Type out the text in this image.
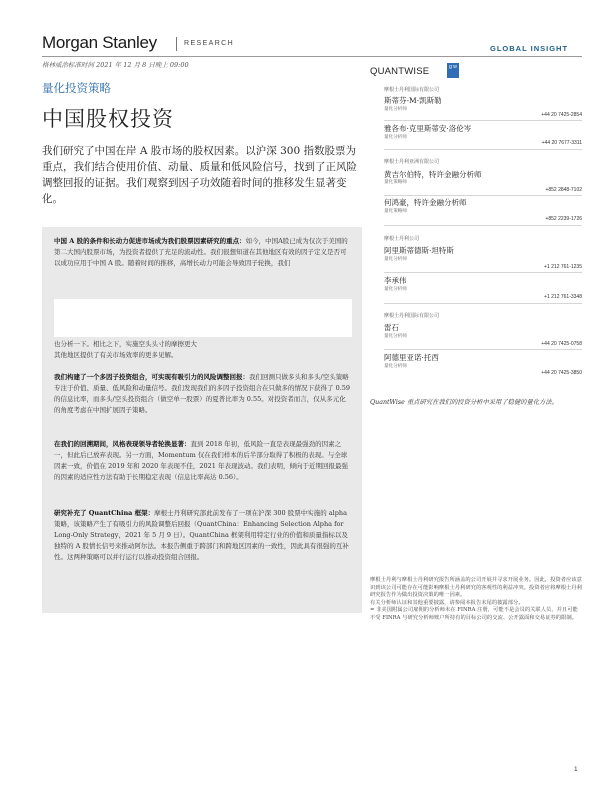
Morgan Stanley	RESEARCH
GLOBAL INSIGHT
格林威治标准时间 2021 年 12 月 8 日晚上 09:00
QUANTWISE	g w
量化投资策略
中国股权投资
我们研究了中国在岸 A 股市场的股权因素。以沪深 300 指数股票为重点，我们结合使用价值、动量、质量和低风险信号，找到了正风险调整回报的证据。我们观察到因子功效随着时间的推移发生显著变化。
中国 A 股的条件和长动力促进市场成为我们股票因素研究的重点：如今，中国A股已成为仅次于美国的第二大国内股票市场，为投资者提供了充足的流动性。我们很想知道在其他地区有效的因子定义是否可以成功应用于中国 A 股。随着时间的推移，高增长动力可能会导致因子轮换，我们
也分析一下。相比之下，实施空头头寸的摩擦更大
其他地区提供了有关市场效率的更多见解。
我们构建了一个多因子投资组合，可实现有吸引力的风险调整回报：我们回测只做多头和多头/空头策略
专注于价值、质量、低风险和动量信号。我们发现我们的多因子投资组合在只做多的情况下获得了 0.59 的信息比率，而多头/空头投资组合（做空单一股票）的夏普比率为 0.55。对投资者而言，仅从多元化的角度考虑在中国扩展因子策略。
在我们的回溯期间，风格表现领导者轮换显著：直到 2018 年初，低风险一直是表现最强劲的因素之一，但此后已放弃表现。另一方面，Momentum 仅在我们样本的后半部分取得了积极的表现。与全球因素一致，价值在 2019 年和 2020 年表现不佳，2021 年表现波动。我们表明，倾向于近期回报最强的因素的适应性方法有助于长期稳定表现（信息比率高达 0.56）。
研究补充了 QuantChina 框架：摩根士丹利研究部此前发布了一项在沪深 300 股票中实施的 alpha 策略，该策略产生了有吸引力的风险调整后回报（QuantChina：Enhancing Selection Alpha for Long-Only Strategy，2021 年 5 月 9 日）。QuantChina 框架利用特定行业的价值和质量指标以及独特的 A 股情长信号来推动阿尔法。本报告侧重于跨部门和跨地区因素的一致性，因此具有很强的互补性。这两种策略可以并行运行以推动投资组合回报。
摩根士丹利国际有限公司
斯蒂芬-M·凯斯勒
量化分析师
+44 20 7425-2854
雅各布·克里斯蒂安·洛伦岑
量化分析师
+44 20 7677-3311
摩根士丹利亚洲有限公司
黄吉尔伯特，特许金融分析师
量化策略师
+852 2848-7102
何鸿豪，特许金融分析师
量化策略师
+852 2239-1726
摩根士丹利公司
阿里斯蒂德斯·坦特斯
量化分析师
+1 212 761-1235
李承伟
量化分析师
+1 212 761-3348
摩根士丹利国际有限公司
雷石
量化分析师
+44 20 7425-0758
阿德里亚诺·托西
量化分析师
+44 20 7425-3850
QuantWise 重点研究在我们的投资分析中采用了稳健的量化方法。
摩根士丹利与摩根士丹利研究报告所涵盖的公司开展并寻求开展业务。因此，投资者应该意识到该公司可能存在可能影响摩根士丹利研究的客观性的利益冲突。投资者应将摩根士丹利研究报告作为做出投资决策的唯一因素。
有关分析师认证和其他重要披露，请参阅本报告末尾的披露部分。
= 非美国附属公司雇佣的分析师未在 FINRA 注册，可能不是会员的关联人员，并且可能不受 FINRA 与研究分析师账户所持有的目标公司的交流、公开露面和交易证券的限制。
1
